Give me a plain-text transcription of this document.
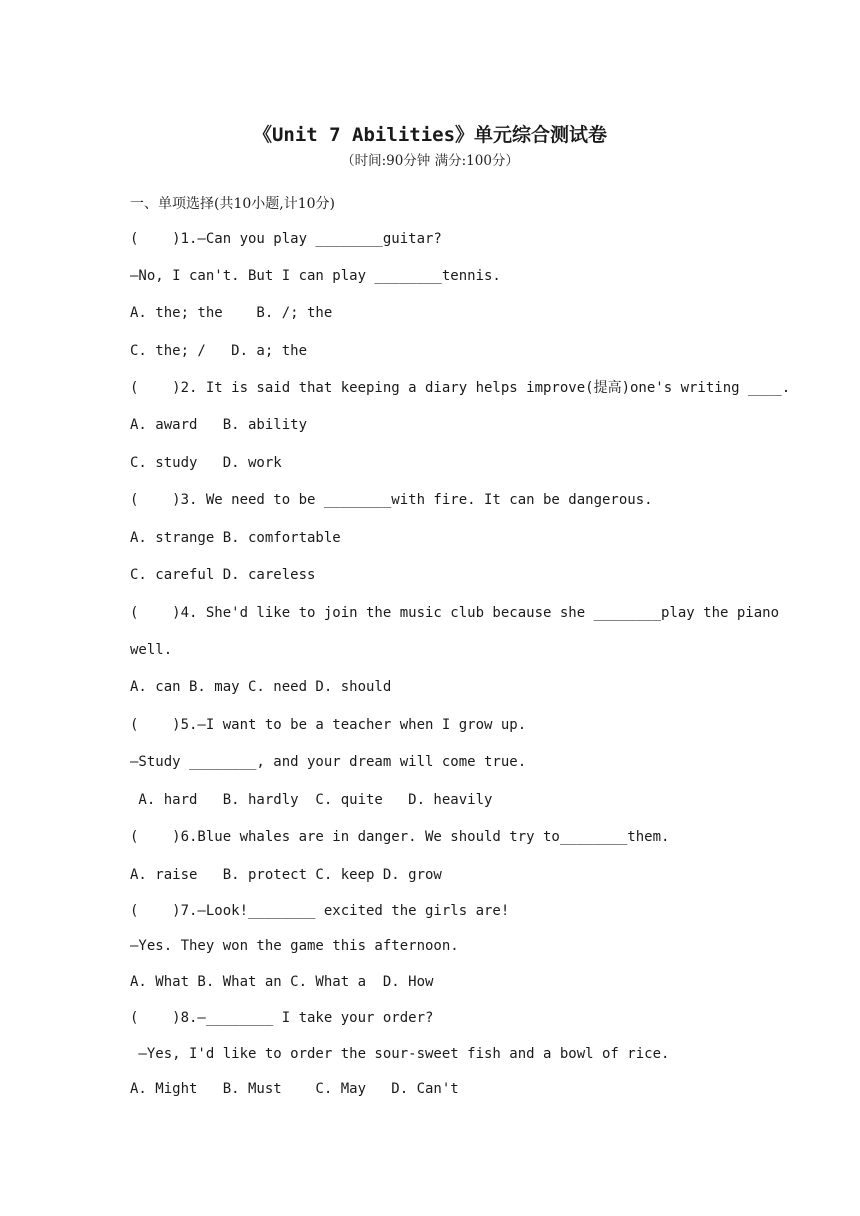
《Unit 7 Abilities》单元综合测试卷
（时间:90分钟 满分:100分）
一、单项选择(共10小题,计10分)
(    )1.—Can you play ________guitar?
—No, I can't. But I can play ________tennis.
A. the; the    B. /; the
C. the; /   D. a; the
(    )2. It is said that keeping a diary helps improve(提高)one's writing ____.
A. award   B. ability
C. study   D. work
(    )3. We need to be ________with fire. It can be dangerous.
A. strange B. comfortable
C. careful D. careless
(    )4. She'd like to join the music club because she ________play the piano
well.
A. can B. may C. need D. should
(    )5.—I want to be a teacher when I grow up.
—Study ________, and your dream will come true.
A. hard   B. hardly  C. quite   D. heavily
(    )6.Blue whales are in danger. We should try to________them.
A. raise   B. protect C. keep D. grow
(    )7.—Look!________ excited the girls are!
—Yes. They won the game this afternoon.
A. What B. What an C. What a  D. How
(    )8.—________ I take your order?
—Yes, I'd like to order the sour-sweet fish and a bowl of rice.
A. Might   B. Must    C. May   D. Can't
